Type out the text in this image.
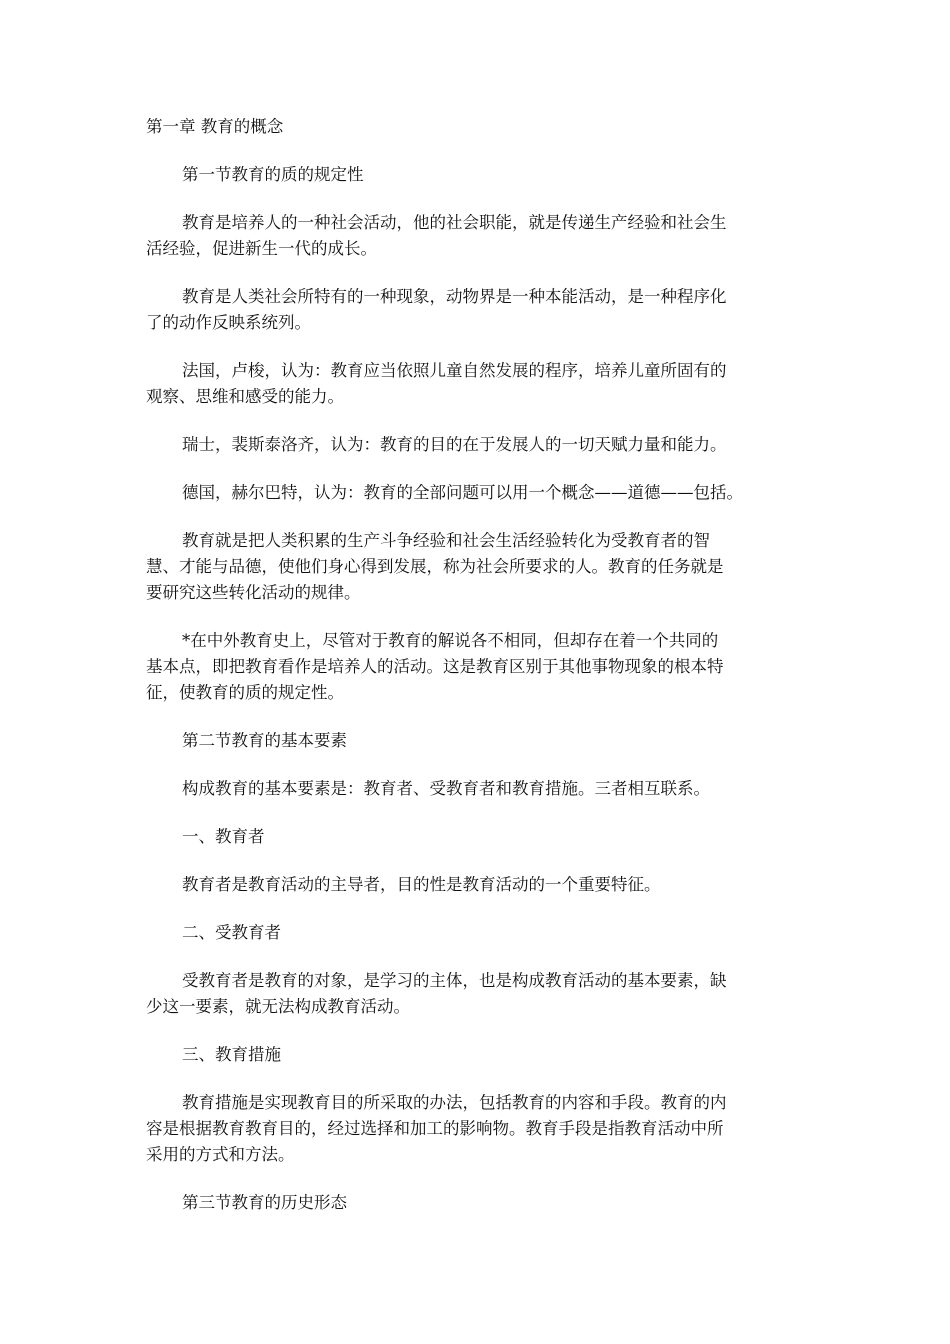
第一章 教育的概念

第一节教育的质的规定性

教育是培养人的一种社会活动，他的社会职能，就是传递生产经验和社会生

活经验，促进新生一代的成长。

教育是人类社会所特有的一种现象，动物界是一种本能活动，是一种程序化

了的动作反映系统列。

法国，卢梭，认为：教育应当依照儿童自然发展的程序，培养儿童所固有的

观察、思维和感受的能力。

瑞士，裴斯泰洛齐，认为：教育的目的在于发展人的一切天赋力量和能力。

德国，赫尔巴特，认为：教育的全部问题可以用一个概念——道德——包括。

教育就是把人类积累的生产斗争经验和社会生活经验转化为受教育者的智

慧、才能与品德，使他们身心得到发展，称为社会所要求的人。教育的任务就是

要研究这些转化活动的规律。

*在中外教育史上，尽管对于教育的解说各不相同，但却存在着一个共同的

基本点，即把教育看作是培养人的活动。这是教育区别于其他事物现象的根本特

征，使教育的质的规定性。

第二节教育的基本要素

构成教育的基本要素是：教育者、受教育者和教育措施。三者相互联系。

一、教育者

教育者是教育活动的主导者，目的性是教育活动的一个重要特征。

二、受教育者

受教育者是教育的对象，是学习的主体，也是构成教育活动的基本要素，缺

少这一要素，就无法构成教育活动。

三、教育措施

教育措施是实现教育目的所采取的办法，包括教育的内容和手段。教育的内

容是根据教育教育目的，经过选择和加工的影响物。教育手段是指教育活动中所

采用的方式和方法。

第三节教育的历史形态
